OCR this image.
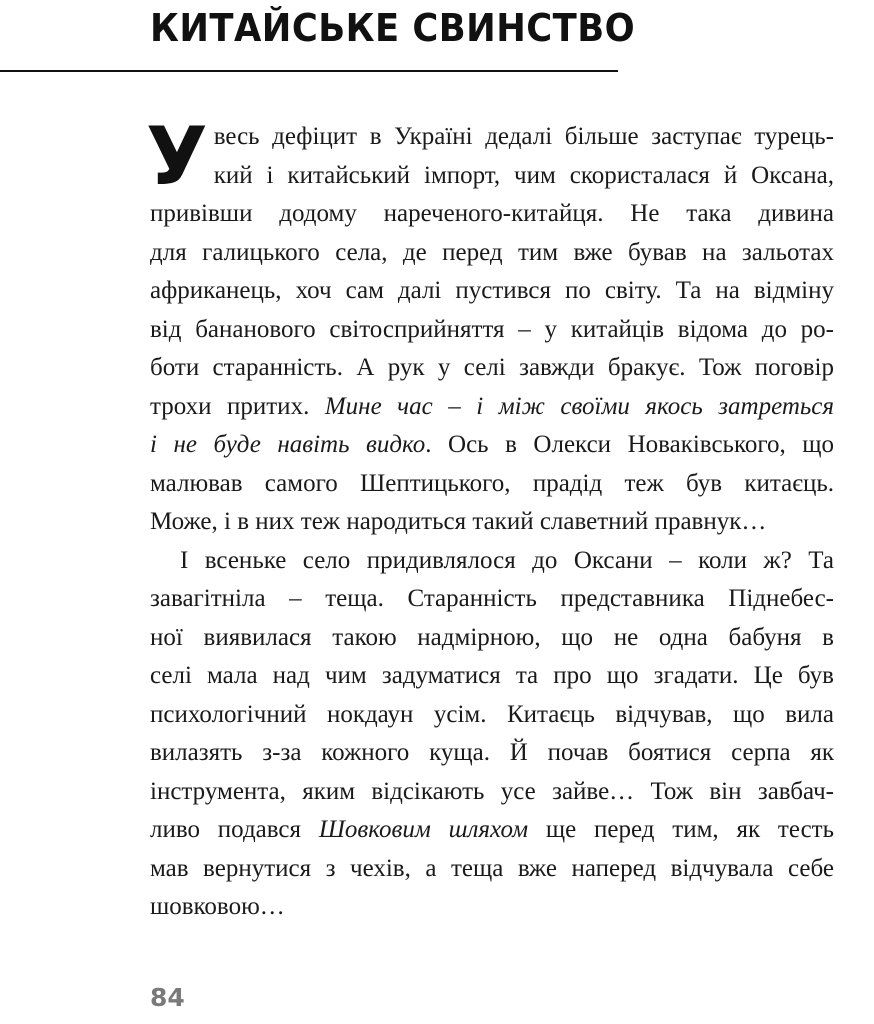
КИТАЙСЬКЕ СВИНСТВО
У весь дефіцит в Україні дедалі більше заступає турець-
кий і китайський імпорт, чим скористалася й Оксана,
привівши додому нареченого-китайця. Не така дивина
для галицького села, де перед тим вже бував на зальотах
африканець, хоч сам далі пустився по світу. Та на відміну
від бананового світосприйняття – у китайців відома до ро-
боти старанність. А рук у селі завжди бракує. Тож поговір
трохи притих. Мине час – і між своїми якось затреться
і не буде навіть видко. Ось в Олекси Новаківського, що
малював самого Шептицького, прадід теж був китаєць.
Може, і в них теж народиться такий славетний правнук…
І всеньке село придивлялося до Оксани – коли ж? Та
завагітніла – теща. Старанність представника Піднебес-
ної виявилася такою надмірною, що не одна бабуня в
селі мала над чим задуматися та про що згадати. Це був
психологічний нокдаун усім. Китаєць відчував, що вила
вилазять з-за кожного куща. Й почав боятися серпа як
інструмента, яким відсікають усе зайве… Тож він завбач-
ливо подався Шовковим шляхом ще перед тим, як тесть
мав вернутися з чехів, а теща вже наперед відчувала себе
шовковою…
84
